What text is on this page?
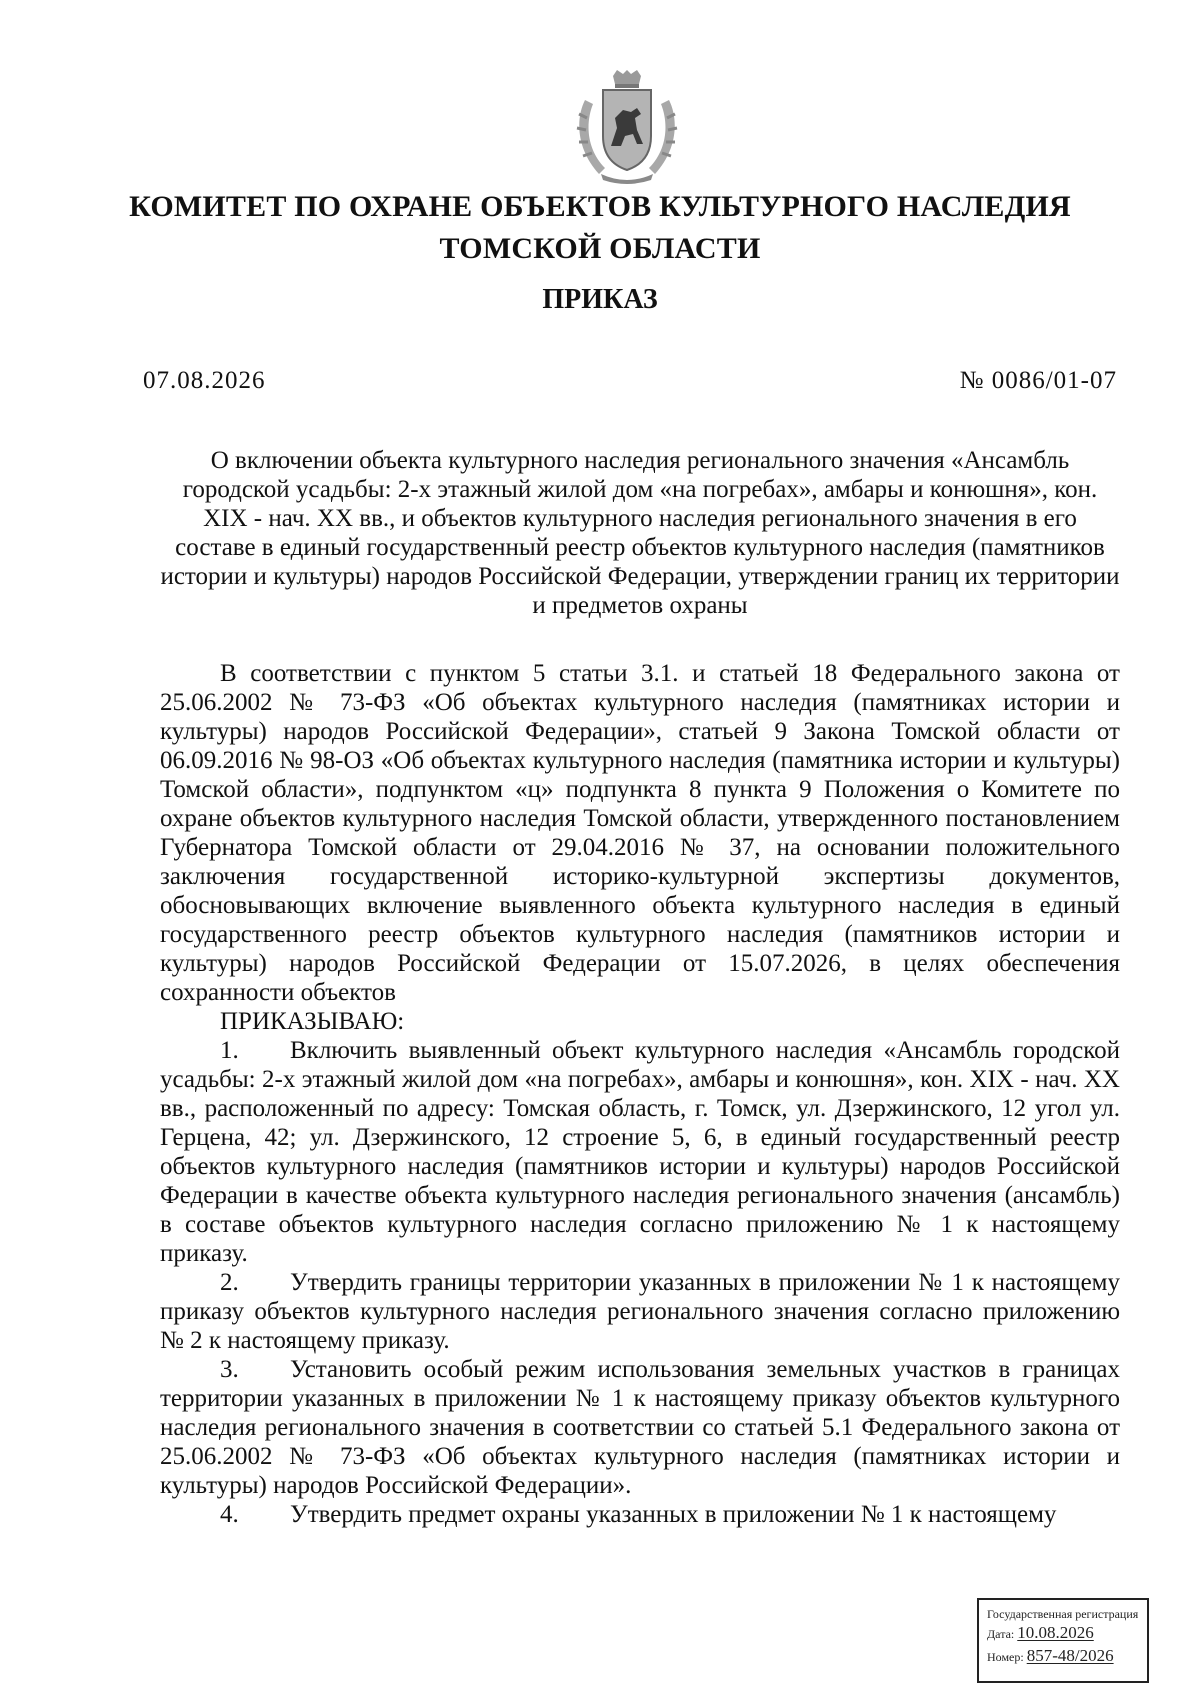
КОМИТЕТ ПО ОХРАНЕ ОБЪЕКТОВ КУЛЬТУРНОГО НАСЛЕДИЯ
ТОМСКОЙ ОБЛАСТИ
ПРИКАЗ
07.08.2026	№ 0086/01-07
О включении объекта культурного наследия регионального значения «Ансамбль городской усадьбы: 2-х этажный жилой дом «на погребах», амбары и конюшня», кон. XIX - нач. XX вв., и объектов культурного наследия регионального значения в его составе в единый государственный реестр объектов культурного наследия (памятников истории и культуры) народов Российской Федерации, утверждении границ их территории и предметов охраны

В соответствии с пунктом 5 статьи 3.1. и статьей 18 Федерального закона от 25.06.2002 № 73-ФЗ «Об объектах культурного наследия (памятниках истории и культуры) народов Российской Федерации», статьей 9 Закона Томской области от 06.09.2016 № 98-ОЗ «Об объектах культурного наследия (памятника истории и культуры) Томской области», подпунктом «ц» подпункта 8 пункта 9 Положения о Комитете по охране объектов культурного наследия Томской области, утвержденного постановлением Губернатора Томской области от 29.04.2016 № 37, на основании положительного заключения государственной историко-культурной экспертизы документов, обосновывающих включение выявленного объекта культурного наследия в единый государственного реестр объектов культурного наследия (памятников истории и культуры) народов Российской Федерации от 15.07.2026, в целях обеспечения сохранности объектов

ПРИКАЗЫВАЮ:

1. Включить выявленный объект культурного наследия «Ансамбль городской усадьбы: 2-х этажный жилой дом «на погребах», амбары и конюшня», кон. XIX - нач. XX вв., расположенный по адресу: Томская область, г. Томск, ул. Дзержинского, 12 угол ул. Герцена, 42; ул. Дзержинского, 12 строение 5, 6, в единый государственный реестр объектов культурного наследия (памятников истории и культуры) народов Российской Федерации в качестве объекта культурного наследия регионального значения (ансамбль) в составе объектов культурного наследия согласно приложению № 1 к настоящему приказу.

2. Утвердить границы территории указанных в приложении № 1 к настоящему приказу объектов культурного наследия регионального значения согласно приложению № 2 к настоящему приказу.

3. Установить особый режим использования земельных участков в границах территории указанных в приложении № 1 к настоящему приказу объектов культурного наследия регионального значения в соответствии со статьей 5.1 Федерального закона от 25.06.2002 № 73-ФЗ «Об объектах культурного наследия (памятниках истории и культуры) народов Российской Федерации».

4. Утвердить предмет охраны указанных в приложении № 1 к настоящему

Государственная регистрация
Дата: 10.08.2026
Номер: 857-48/2026
